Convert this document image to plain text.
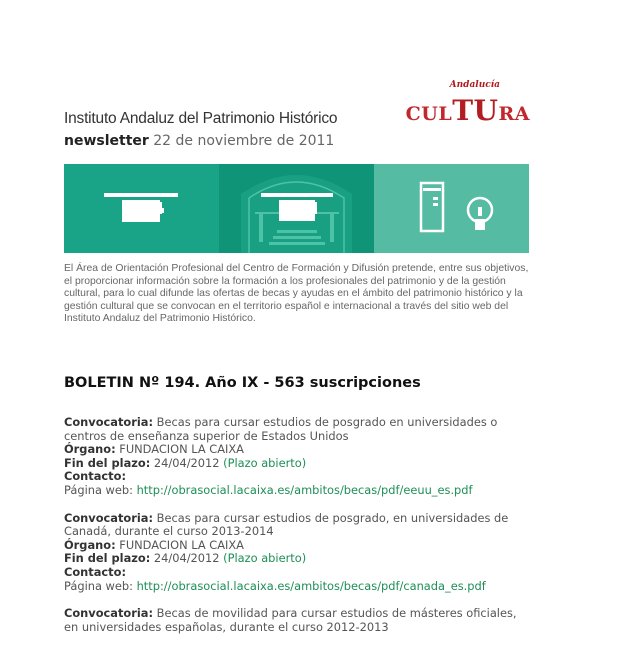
Instituto Andaluz del Patrimonio Histórico
newsletter 22 de noviembre de 2011
Andalucía
CULTURA
El Área de Orientación Profesional del Centro de Formación y Difusión pretende, entre sus objetivos, el proporcionar información sobre la formación a los profesionales del patrimonio y de la gestión cultural, para lo cual difunde las ofertas de becas y ayudas en el ámbito del patrimonio histórico y la gestión cultural que se convocan en el territorio español e internacional a través del sitio web del Instituto Andaluz del Patrimonio Histórico.
BOLETIN Nº 194. Año IX - 563 suscripciones
Convocatoria: Becas para cursar estudios de posgrado en universidades o centros de enseñanza superior de Estados Unidos
Órgano: FUNDACION LA CAIXA
Fin del plazo: 24/04/2012 (Plazo abierto)
Contacto:
Página web: http://obrasocial.lacaixa.es/ambitos/becas/pdf/eeuu_es.pdf
Convocatoria: Becas para cursar estudios de posgrado, en universidades de Canadá, durante el curso 2013-2014
Órgano: FUNDACION LA CAIXA
Fin del plazo: 24/04/2012 (Plazo abierto)
Contacto:
Página web: http://obrasocial.lacaixa.es/ambitos/becas/pdf/canada_es.pdf
Convocatoria: Becas de movilidad para cursar estudios de másteres oficiales, en universidades españolas, durante el curso 2012-2013
